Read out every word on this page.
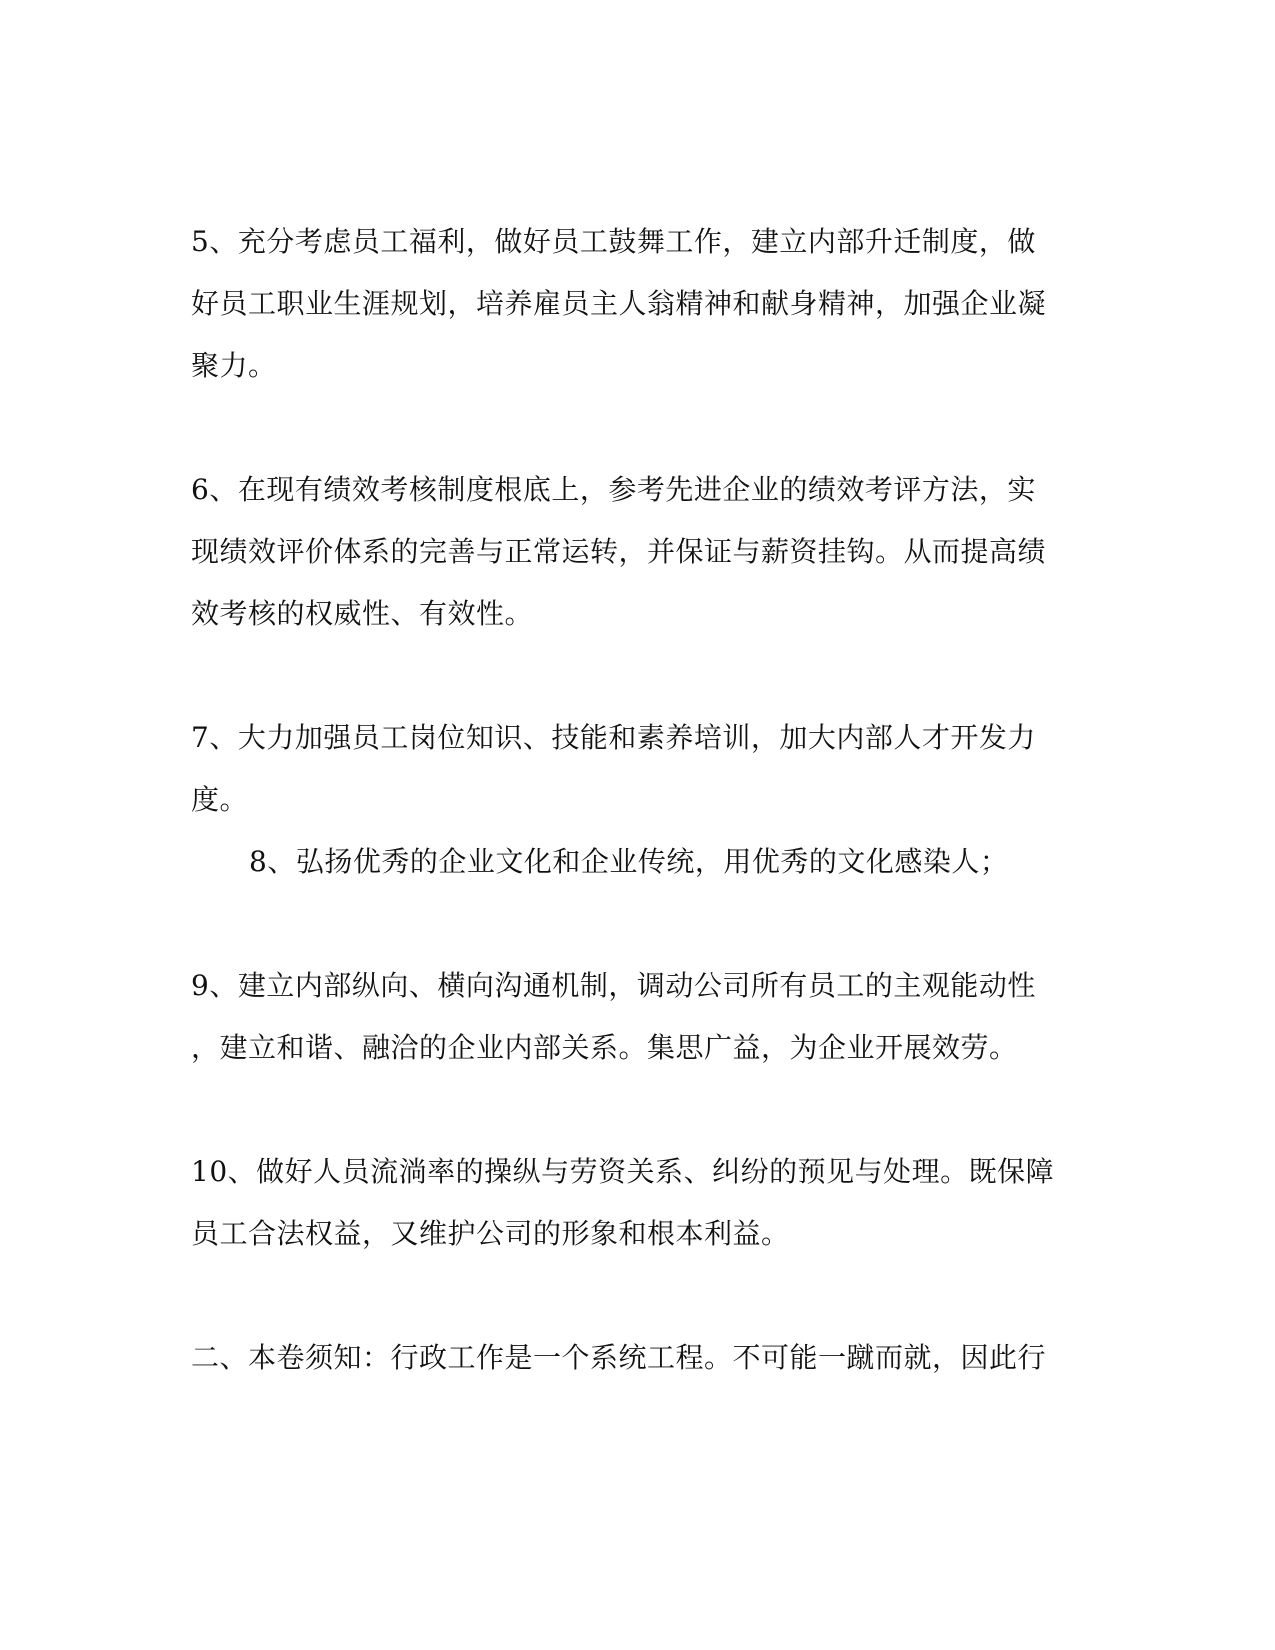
5、充分考虑员工福利，做好员工鼓舞工作，建立内部升迁制度，做

好员工职业生涯规划，培养雇员主人翁精神和献身精神，加强企业凝

聚力。

6、在现有绩效考核制度根底上，参考先进企业的绩效考评方法，实

现绩效评价体系的完善与正常运转，并保证与薪资挂钩。从而提高绩

效考核的权威性、有效性。

7、大力加强员工岗位知识、技能和素养培训，加大内部人才开发力

度。

8、弘扬优秀的企业文化和企业传统，用优秀的文化感染人；

9、建立内部纵向、横向沟通机制，调动公司所有员工的主观能动性

，建立和谐、融洽的企业内部关系。集思广益，为企业开展效劳。

10、做好人员流淌率的操纵与劳资关系、纠纷的预见与处理。既保障

员工合法权益，又维护公司的形象和根本利益。

二、本卷须知：行政工作是一个系统工程。不可能一蹴而就，因此行
